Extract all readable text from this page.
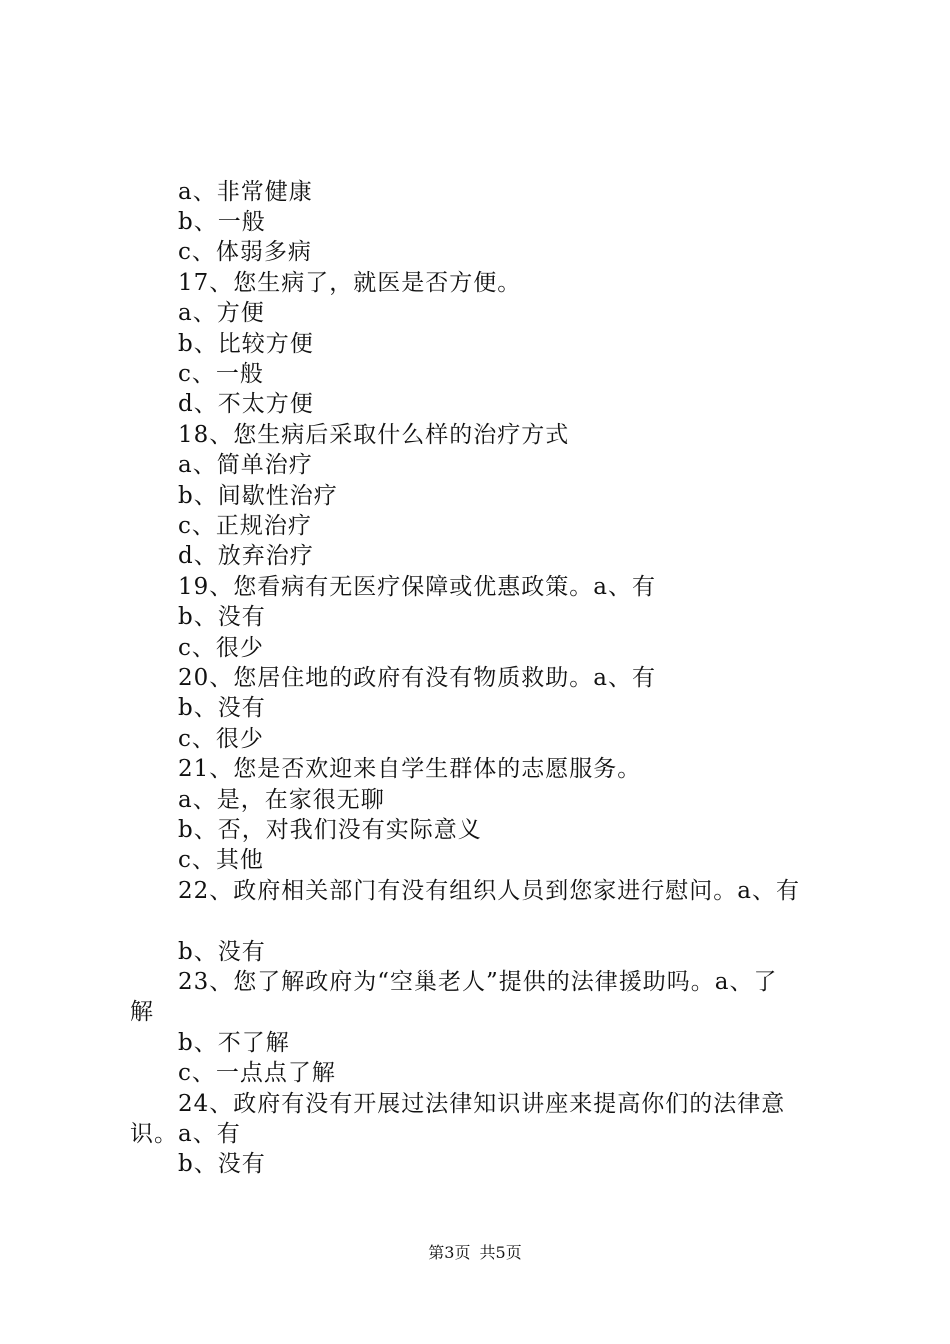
a、非常健康
b、一般
c、体弱多病
17、您生病了，就医是否方便。
a、方便
b、比较方便
c、一般
d、不太方便
18、您生病后采取什么样的治疗方式
a、简单治疗
b、间歇性治疗
c、正规治疗
d、放弃治疗
19、您看病有无医疗保障或优惠政策。a、有
b、没有
c、很少
20、您居住地的政府有没有物质救助。a、有
b、没有
c、很少
21、您是否欢迎来自学生群体的志愿服务。
a、是，在家很无聊
b、否，对我们没有实际意义
c、其他
22、政府相关部门有没有组织人员到您家进行慰问。a、有
b、没有
23、您了解政府为“空巢老人”提供的法律援助吗。a、了
解
b、不了解
c、一点点了解
24、政府有没有开展过法律知识讲座来提高你们的法律意
识。a、有
b、没有
第3页 共5页
